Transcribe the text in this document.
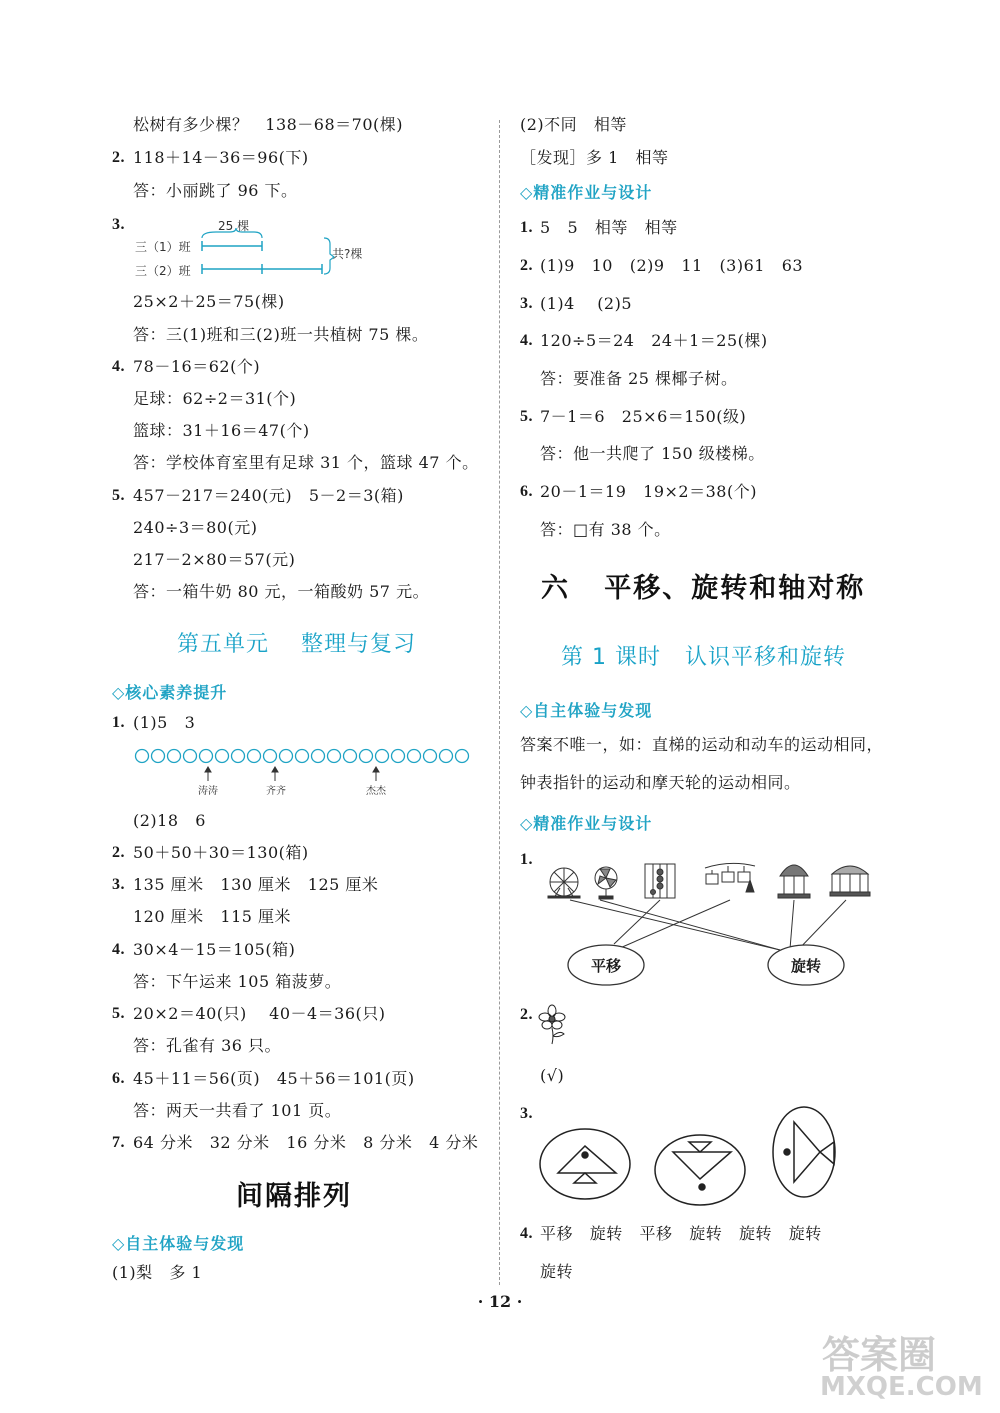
松树有多少棵？   138－68＝70(棵)
2. 118＋14－36＝96(下)
答：小丽跳了 96 下。
3.	25 棵
三（1）班
三（2）班
共?棵
25×2＋25＝75(棵)
答：三(1)班和三(2)班一共植树 75 棵。
4. 78－16＝62(个)
足球：62÷2＝31(个)
篮球：31＋16＝47(个)
答：学校体育室里有足球 31 个，篮球 47 个。
5. 457－217＝240(元)   5－2＝3(箱)
240÷3＝80(元)
217－2×80＝57(元)
答：一箱牛奶 80 元，一箱酸奶 57 元。
第五单元    整理与复习
◇核心素养提升
1. (1)5   3
涛涛	齐齐	杰杰
(2)18   6
2. 50＋50＋30＝130(箱)
3. 135 厘米   130 厘米   125 厘米
120 厘米   115 厘米
4. 30×4－15＝105(箱)
答：下午运来 105 箱菠萝。
5. 20×2＝40(只)    40－4＝36(只)
答：孔雀有 36 只。
6. 45＋11＝56(页)   45＋56＝101(页)
答：两天一共看了 101 页。
7. 64 分米   32 分米   16 分米   8 分米   4 分米
间隔排列
◇自主体验与发现
(1)梨   多 1
(2)不同   相等
［发现］多 1   相等
◇精准作业与设计
1. 5   5   相等   相等
2. (1)9   10   (2)9   11   (3)61   63
3. (1)4    (2)5
4. 120÷5＝24   24＋1＝25(棵)
答：要准备 25 棵椰子树。
5. 7－1＝6   25×6＝150(级)
答：他一共爬了 150 级楼梯。
6. 20－1＝19   19×2＝38(个)
答：□有 38 个。
六   平移、旋转和轴对称
第 1 课时   认识平移和旋转
◇自主体验与发现
答案不唯一，如：直梯的运动和动车的运动相同，
钟表指针的运动和摩天轮的运动相同。
◇精准作业与设计
1.
平移	旋转
2.
(√)
3.
4. 平移   旋转   平移   旋转   旋转   旋转
旋转
· 12 ·
答案圈
MXQE.COM
